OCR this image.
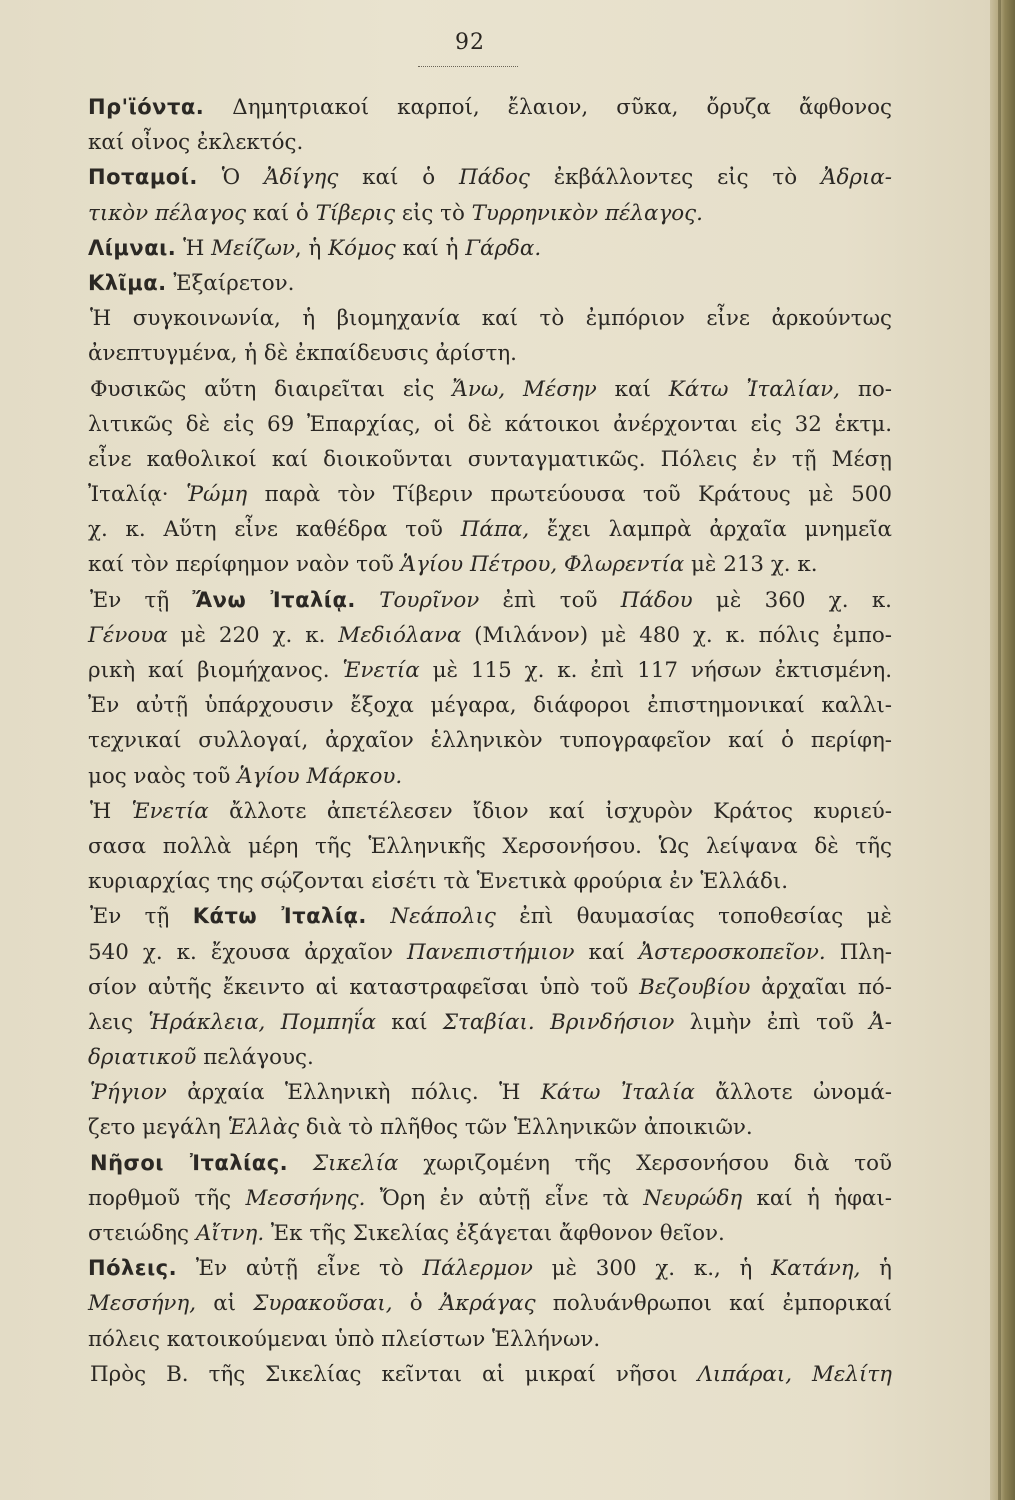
92
Πρ'ϊόντα. Δημητριακοί καρποί, ἔλαιον, σῦκα, ὄρυζα ἄφθονος
καί οἶνος ἐκλεκτός.
Ποταμοί. Ὁ Ἀδίγης καί ὁ Πάδος ἐκβάλλοντες εἰς τὸ Ἀδρια-
τικὸν πέλαγος καί ὁ Τίβερις εἰς τὸ Τυρρηνικὸν πέλαγος.
Λίμναι. Ἡ Μείζων, ἡ Κόμος καί ἡ Γάρδα.
Κλῖμα. Ἐξαίρετον.
Ἡ συγκοινωνία, ἡ βιομηχανία καί τὸ ἐμπόριον εἶνε ἀρκούντως
ἀνεπτυγμένα, ἡ δὲ ἐκπαίδευσις ἀρίστη.
Φυσικῶς αὕτη διαιρεῖται εἰς Ἄνω, Μέσην καί Κάτω Ἰταλίαν, πο-
λιτικῶς δὲ εἰς 69 Ἐπαρχίας, οἱ δὲ κάτοικοι ἀνέρχονται εἰς 32 ἑκτμ.
εἶνε καθολικοί καί διοικοῦνται συνταγματικῶς. Πόλεις ἐν τῇ Μέσῃ
Ἰταλίᾳ· Ῥώμη παρὰ τὸν Τίβεριν πρωτεύουσα τοῦ Κράτους μὲ 500
χ. κ. Αὕτη εἶνε καθέδρα τοῦ Πάπα, ἔχει λαμπρὰ ἀρχαῖα μνημεῖα
καί τὸν περίφημον ναὸν τοῦ Ἁγίου Πέτρου, Φλωρεντία μὲ 213 χ. κ.
Ἐν τῇ Ἄνω Ἰταλίᾳ. Τουρῖνον ἐπὶ τοῦ Πάδου μὲ 360 χ. κ.
Γένουα μὲ 220 χ. κ. Μεδιόλανα (Μιλάνον) μὲ 480 χ. κ. πόλις ἐμπο-
ρικὴ καί βιομήχανος. Ἑνετία μὲ 115 χ. κ. ἐπὶ 117 νήσων ἐκτισμένη.
Ἐν αὐτῇ ὑπάρχουσιν ἔξοχα μέγαρα, διάφοροι ἐπιστημονικαί καλλι-
τεχνικαί συλλογαί, ἀρχαῖον ἑλληνικὸν τυπογραφεῖον καί ὁ περίφη-
μος ναὸς τοῦ Ἁγίου Μάρκου.
Ἡ Ἑνετία ἄλλοτε ἀπετέλεσεν ἴδιον καί ἰσχυρὸν Κράτος κυριεύ-
σασα πολλὰ μέρη τῆς Ἑλληνικῆς Χερσονήσου. Ὡς λείψανα δὲ τῆς
κυριαρχίας της σῴζονται εἰσέτι τὰ Ἑνετικὰ φρούρια ἐν Ἑλλάδι.
Ἐν τῇ Κάτω Ἰταλίᾳ. Νεάπολις ἐπὶ θαυμασίας τοποθεσίας μὲ
540 χ. κ. ἔχουσα ἀρχαῖον Πανεπιστήμιον καί Ἀστεροσκοπεῖον. Πλη-
σίον αὐτῆς ἔκειντο αἱ καταστραφεῖσαι ὑπὸ τοῦ Βεζουβίου ἀρχαῖαι πό-
λεις Ἡράκλεια, Πομπηΐα καί Σταβίαι. Βρινδήσιον λιμὴν ἐπὶ τοῦ Ἀ-
δριατικοῦ πελάγους.
Ῥήγιον ἀρχαία Ἑλληνικὴ πόλις. Ἡ Κάτω Ἰταλία ἄλλοτε ὠνομά-
ζετο μεγάλη Ἑλλὰς διὰ τὸ πλῆθος τῶν Ἑλληνικῶν ἀποικιῶν.
Νῆσοι Ἰταλίας. Σικελία χωριζομένη τῆς Χερσονήσου διὰ τοῦ
πορθμοῦ τῆς Μεσσήνης. Ὄρη ἐν αὐτῇ εἶνε τὰ Νευρώδη καί ἡ ἡφαι-
στειώδης Αἴτνη. Ἐκ τῆς Σικελίας ἐξάγεται ἄφθονον θεῖον.
Πόλεις. Ἐν αὐτῇ εἶνε τὸ Πάλερμον μὲ 300 χ. κ., ἡ Κατάνη, ἡ
Μεσσήνη, αἱ Συρακοῦσαι, ὁ Ἀκράγας πολυάνθρωποι καί ἐμπορικαί
πόλεις κατοικούμεναι ὑπὸ πλείστων Ἑλλήνων.
Πρὸς Β. τῆς Σικελίας κεῖνται αἱ μικραί νῆσοι Λιπάραι, Μελίτη
